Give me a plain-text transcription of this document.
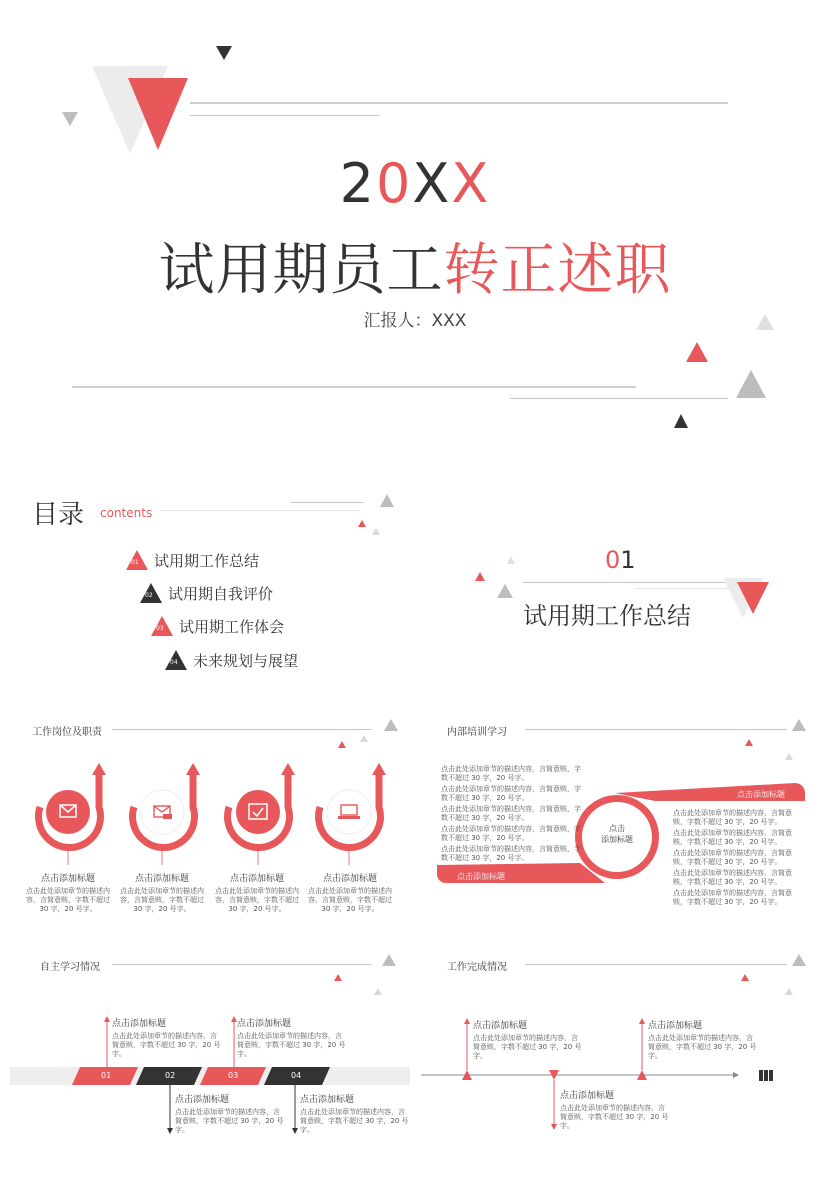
20XX
试用期员工转正述职
汇报人：XXX
目录 contents
01 试用期工作总结
02 试用期自我评价
03 试用期工作体会
04 未来规划与展望
01
试用期工作总结
工作岗位及职责
点击添加标题
点击此处添加章节的描述内容，言简意赅，字数不超过 30 字，20 号字。
点击添加标题
点击此处添加章节的描述内容，言简意赅，字数不超过 30 字，20 号字。
点击添加标题
点击此处添加章节的描述内容，言简意赅，字数不超过 30 字，20 号字。
点击添加标题
点击此处添加章节的描述内容，言简意赅，字数不超过 30 字，20 号字。
内部培训学习
点击
添加标题
点击添加标题
点击添加标题
点击此处添加章节的描述内容，言简意赅，字数不超过 30 字，20 号字。
点击此处添加章节的描述内容，言简意赅，字数不超过 30 字，20 号字。
点击此处添加章节的描述内容，言简意赅，字数不超过 30 字，20 号字。
点击此处添加章节的描述内容，言简意赅，字数不超过 30 字，20 号字。
点击此处添加章节的描述内容，言简意赅，字数不超过 30 字，20 号字。
点击此处添加章节的描述内容，言简意赅，字数不超过 30 字，20 号字。
点击此处添加章节的描述内容，言简意赅，字数不超过 30 字，20 号字。
点击此处添加章节的描述内容，言简意赅，字数不超过 30 字，20 号字。
点击此处添加章节的描述内容，言简意赅，字数不超过 30 字，20 号字。
点击此处添加章节的描述内容，言简意赅，字数不超过 30 字，20 号字。
自主学习情况
01	02	03	04
点击添加标题
点击此处添加章节的描述内容，言简意赅，字数不超过 30 字，20 号字。
点击添加标题
点击此处添加章节的描述内容，言简意赅，字数不超过 30 字，20 号字。
点击添加标题
点击此处添加章节的描述内容，言简意赅，字数不超过 30 字，20 号字。
点击添加标题
点击此处添加章节的描述内容，言简意赅，字数不超过 30 字，20 号字。
工作完成情况
点击添加标题
点击此处添加章节的描述内容，言简意赅，字数不超过 30 字，20 号字。
点击添加标题
点击此处添加章节的描述内容，言简意赅，字数不超过 30 字，20 号字。
点击添加标题
点击此处添加章节的描述内容，言简意赅，字数不超过 30 字，20 号字。
